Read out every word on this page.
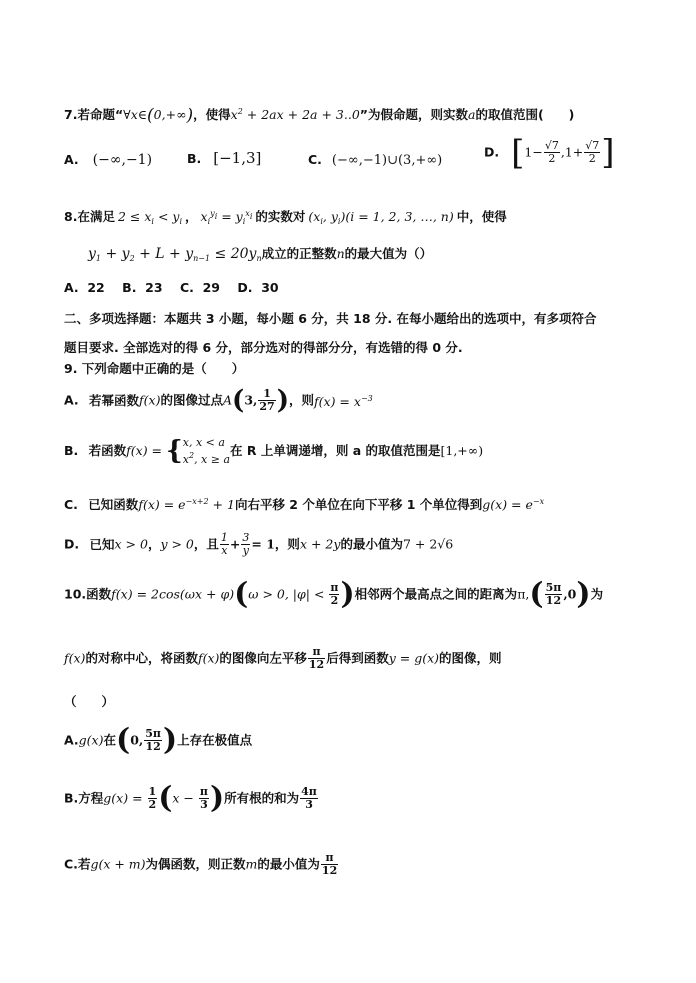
7.若命题“∀x∈(0,+∞)，使得$x^2 + 2ax + 2a + 3..0$”为假命题，则实数a的取值范围(　　)
A. (−∞,−1)	B. [−1,3]	C. (−∞,−1)∪(3,+∞)
D. [$1- \frac{√7}{2} ,1+ \frac{√7}{2}$ ]
8.在满足 $2 \le x_i < y_i$ ， $x_i^{y_i} = y_i^{x_i}$ 的实数对 ($x_i$, $y_i)(i = 1$, 2, 3, …, n) 中，使得
$y_1 + y_2 + L + y_{n-1} \le 20y_n$成立的正整数n的最大值为（）
A.  22    B.  23    C.  29    D.  30
二、多项选择题：本题共 3 小题，每小题 6 分，共 18 分. 在每小题给出的选项中，有多项符合
题目要求. 全部选对的得 6 分，部分选对的得部分分，有选错的得 0 分.
9. 下列命题中正确的是（　　）
A. 若幂函数f(x)的图像过点A(3, $\frac{1}{27}$ )，则$f(x) = x^{-3}$
B. 若函数f(x) = { x, x < a
$x^2$, x ≥ a
在 R 上单调递增，则 a 的取值范围是[1,+∞)
C. 已知函数$f(x) = e^{-x+2} + 1$向右平移 2 个单位在向下平移 1 个单位得到$g(x) = e^{-x}$
D. 已知x > 0，y > 0，且 $\frac{1}{x} + \frac{3}{y} = 1$，则x + 2y的最小值为7 + 2√6
10.函数f(x) = 2cos(ωx + φ)(ω > 0, $|\varphi| < \frac{\pi}{2}$ )相邻两个最高点之间的距离为$\pi,( \frac{5\pi}{12} ,0)$为
f(x)的对称中心，将函数f(x)的图像向左平移 $\frac{\pi}{12}$ 后得到函数y = g(x)的图像，则
（　　）
A.g(x)在(0, $\frac{5\pi}{12}$ )上存在极值点
B.方程$g(x) = \frac{1}{2} (x - \frac{\pi}{3}$ )所有根的和为 $\frac{4\pi}{3}$
C.若g(x + m)为偶函数，则正数m的最小值为 $\frac{\pi}{12}$
